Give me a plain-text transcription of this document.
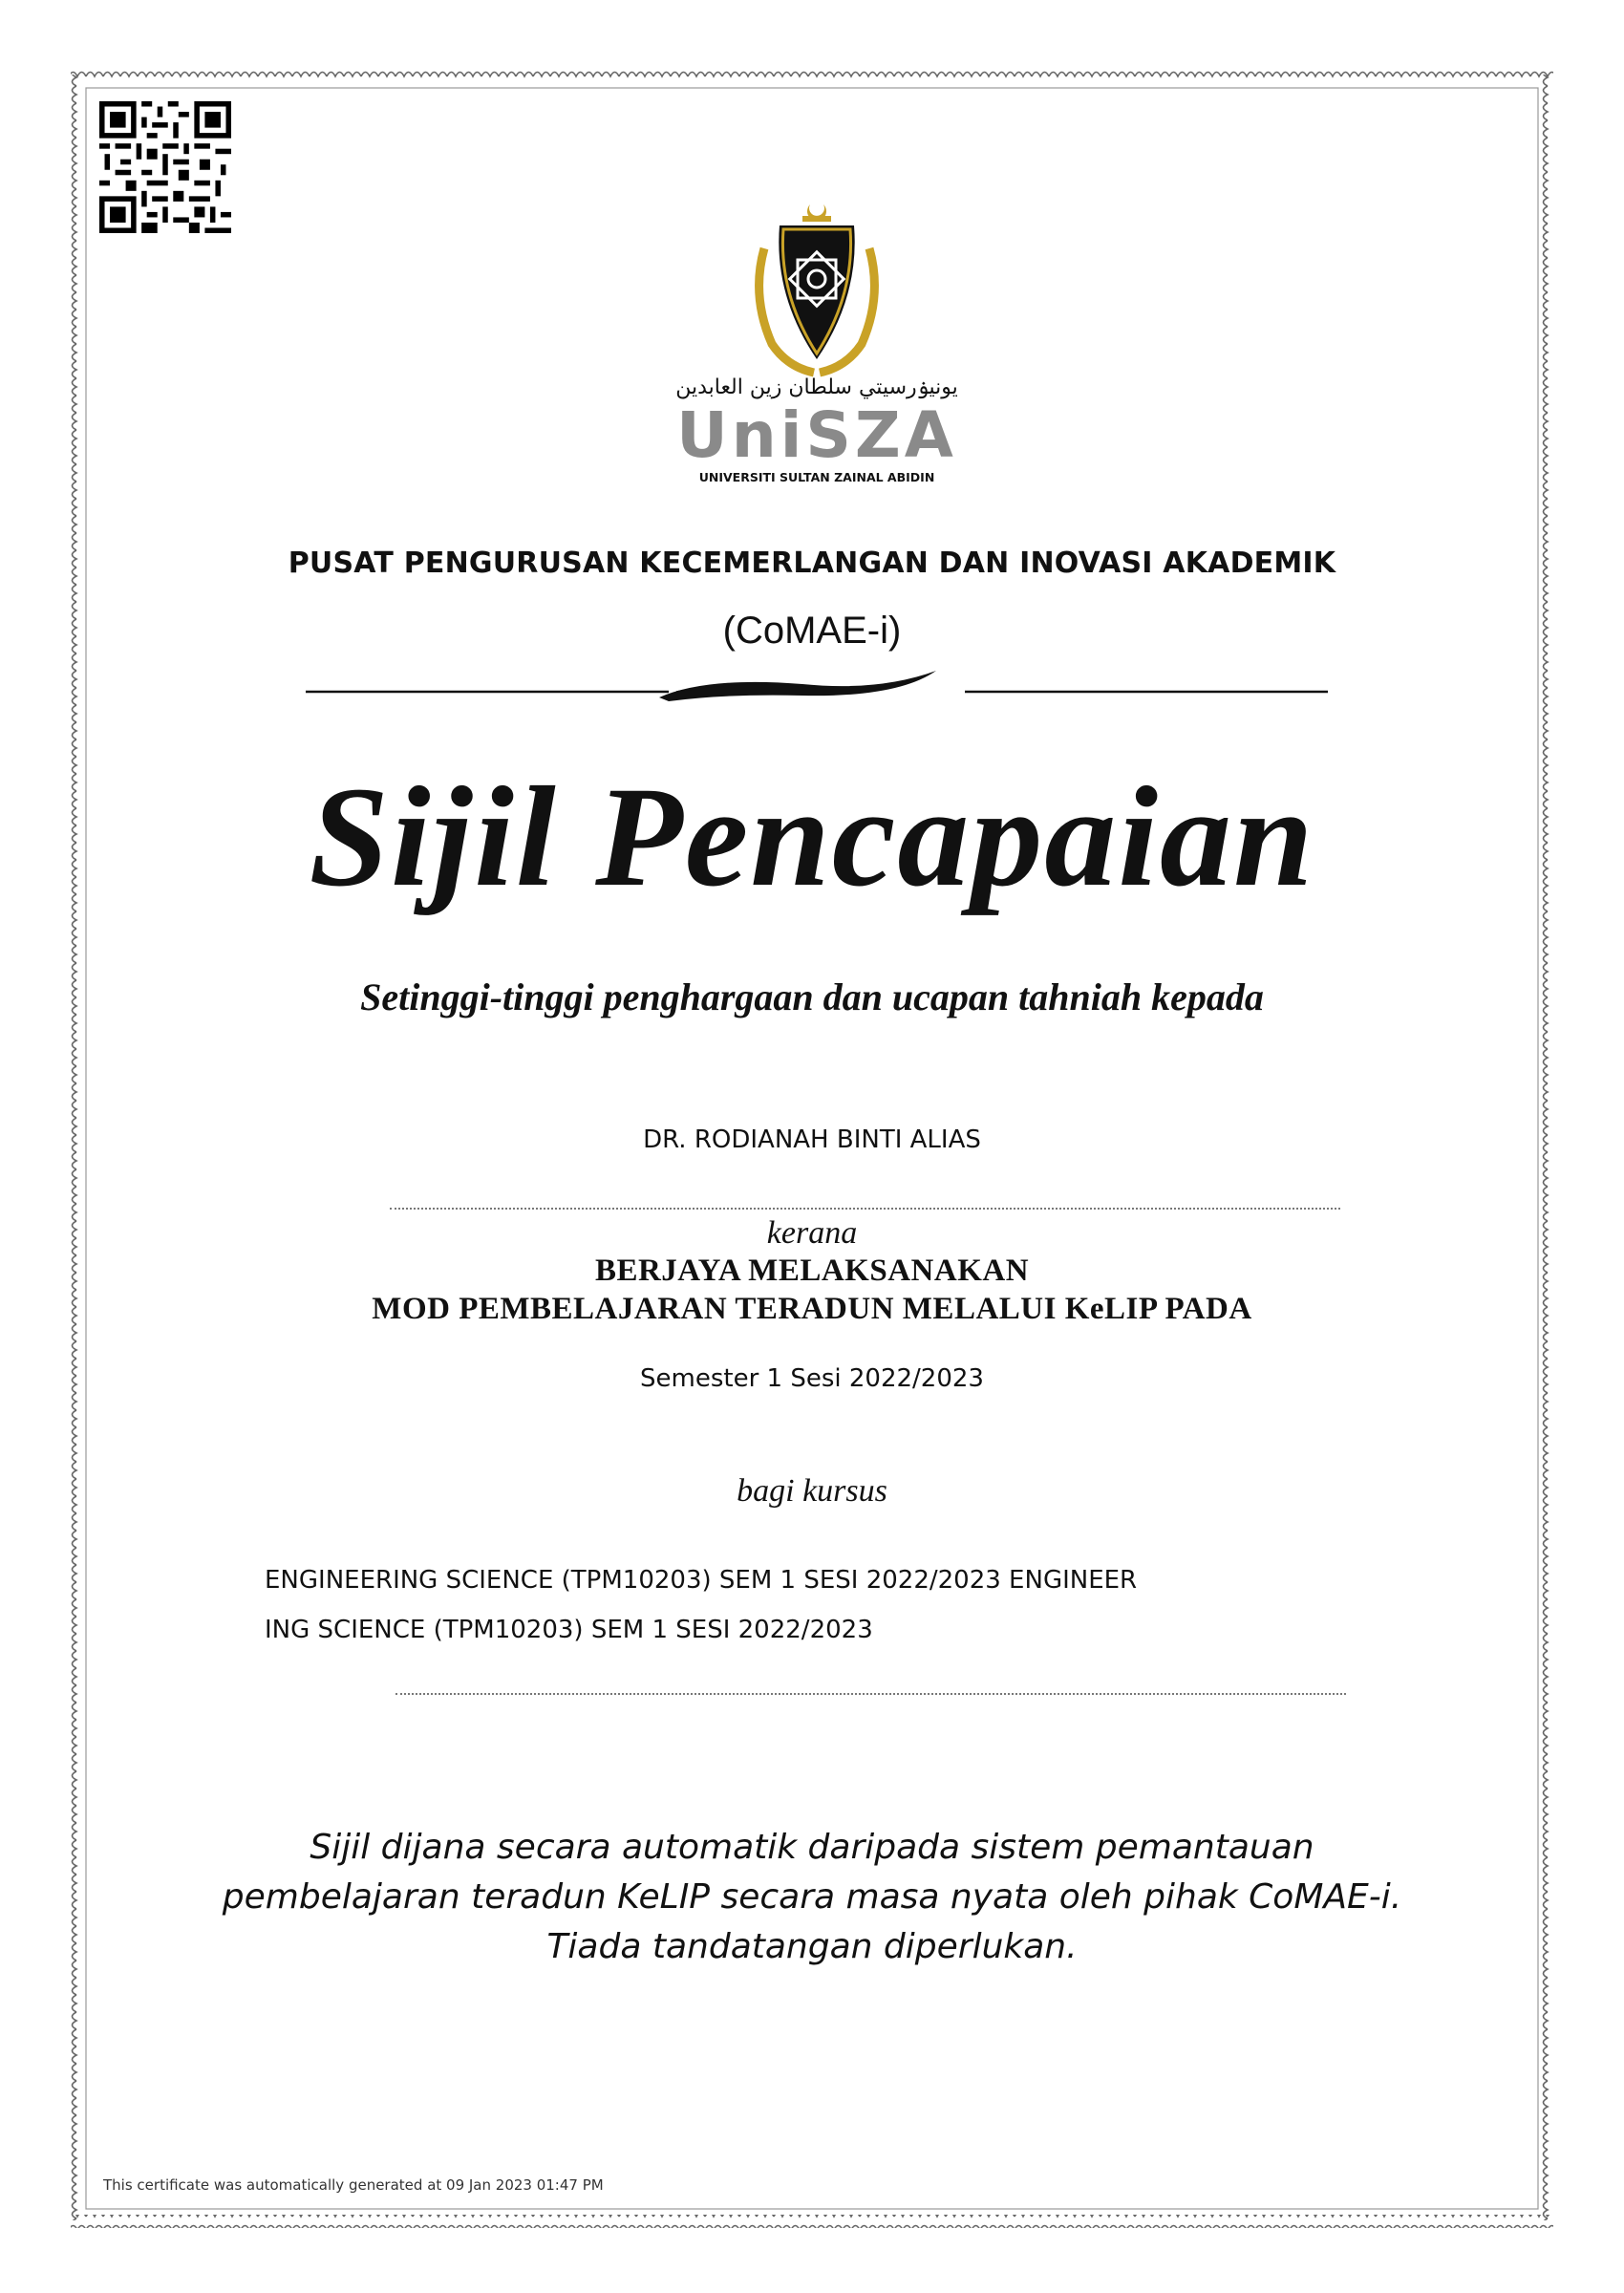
يونيۏرسيتي سلطان زين العابدين
UniSZA
UNIVERSITI SULTAN ZAINAL ABIDIN
PUSAT PENGURUSAN KECEMERLANGAN DAN INOVASI AKADEMIK
(CoMAE-i)
Sijil Pencapaian
Setinggi-tinggi penghargaan dan ucapan tahniah kepada
DR. RODIANAH BINTI ALIAS
kerana
BERJAYA MELAKSANAKAN
MOD PEMBELAJARAN TERADUN MELALUI KeLIP PADA
Semester 1 Sesi 2022/2023
bagi kursus
ENGINEERING SCIENCE (TPM10203) SEM 1 SESI 2022/2023 ENGINEER
ING SCIENCE (TPM10203) SEM 1 SESI 2022/2023
Sijil dijana secara automatik daripada sistem pemantauan
pembelajaran teradun KeLIP secara masa nyata oleh pihak CoMAE-i.
Tiada tandatangan diperlukan.
This certificate was automatically generated at 09 Jan 2023 01:47 PM
